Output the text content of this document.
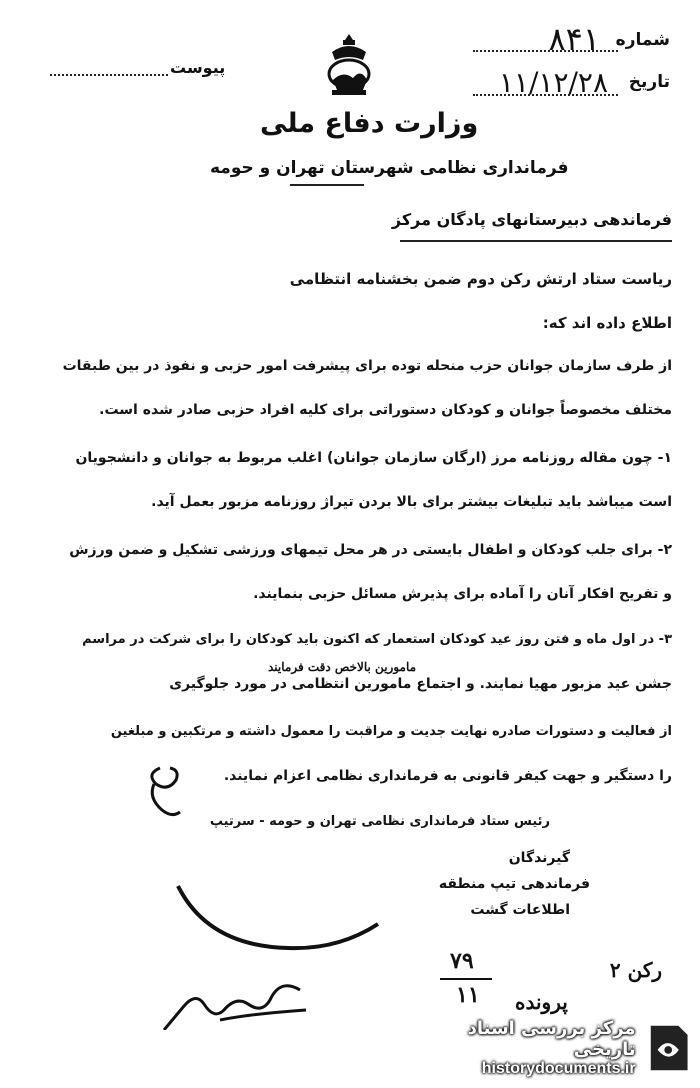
شماره
۸۴۱
تاریخ
۱۱/۱۲/۲۸
پیوست
وزارت دفاع ملی
فرمانداری نظامی شهرستان تهران و حومه
فرماندهی دبیرستانهای پادگان مرکز
ریاست ستاد ارتش رکن دوم ضمن بخشنامه انتظامی
اطلاع داده اند که:
از طرف سازمان جوانان حزب منحله توده برای پیشرفت امور حزبی و نفوذ در بین طبقات
مختلف مخصوصاً جوانان و کودکان دستوراتی برای کلیه افراد حزبی صادر شده است.
۱- چون مقاله روزنامه مرز (ارگان سازمان جوانان) اغلب مربوط به جوانان و دانشجویان
است میباشد باید تبلیغات بیشتر برای بالا بردن تیراژ روزنامه مزبور بعمل آید.
۲- برای جلب کودکان و اطفال بایستی در هر محل تیمهای ورزشی تشکیل و ضمن ورزش
و تفریح افکار آنان را آماده برای پذیرش مسائل حزبی بنمایند.
۳- در اول ماه و فتن روز عید کودکان استعمار که اکنون باید کودکان را برای شرکت در مراسم
جشن عید مزبور مهیا نمایند. و اجتماع مامورین انتظامی در مورد جلوگیری
مامورین بالاخص دقت فرمایند
از فعالیت و دستورات صادره نهایت جدیت و مراقبت را معمول داشته و مرتکبین و مبلغین
را دستگیر و جهت کیفر قانونی به فرمانداری نظامی اعزام نمایند.
رئیس ستاد فرمانداری نظامی تهران و حومه - سرتیپ
گیرندگان
فرماندهی تیپ منطقه
اطلاعات گشت
رکن ۲
۷۹
۱۱ پرونده
مرکز بررسی اسناد تاریخی
historydocuments.ir
